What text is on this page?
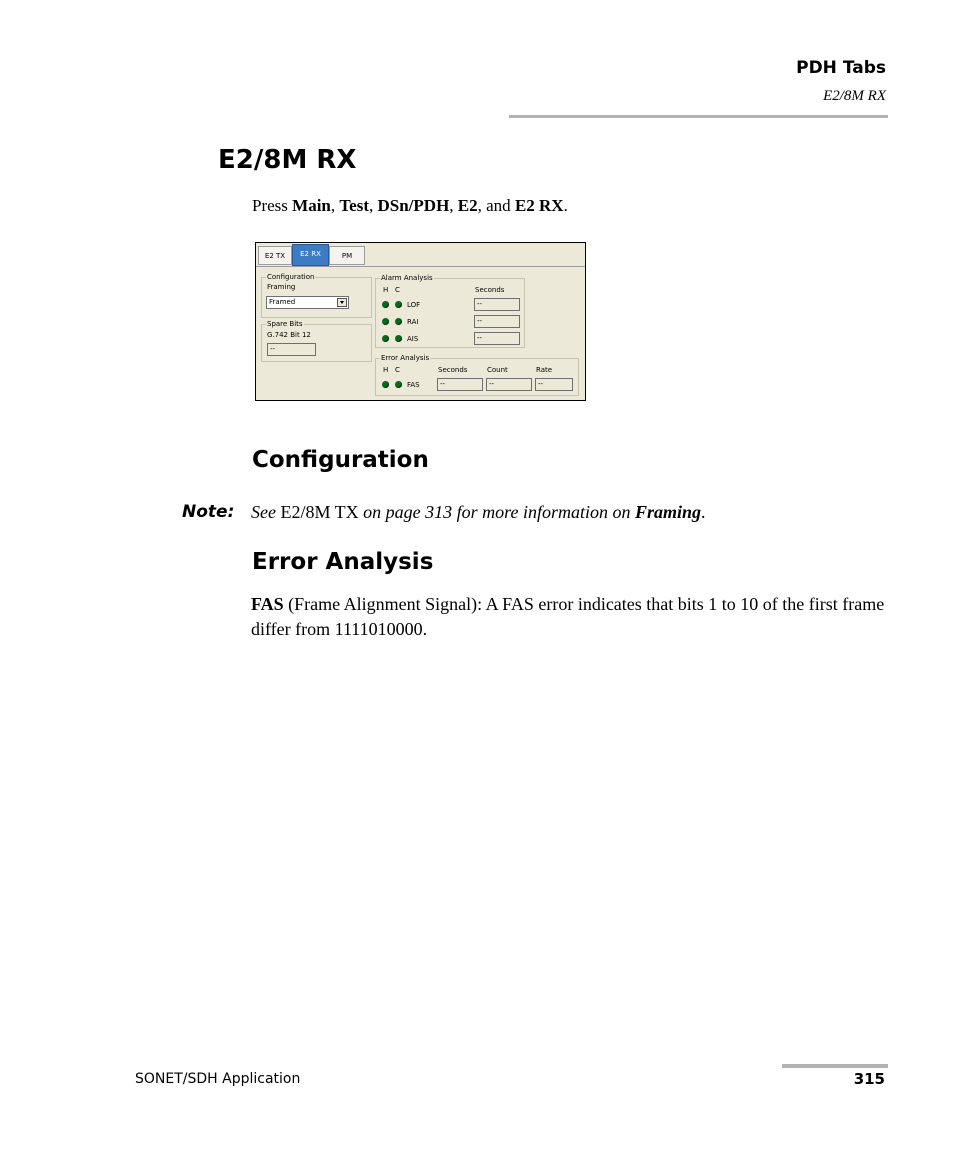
PDH Tabs
E2/8M RX
E2/8M RX
Press Main, Test, DSn/PDH, E2, and E2 RX.
E2 TX	E2 RX	PM
Configuration
Framing
Framed
Spare Bits
G.742 Bit 12
--
Alarm Analysis
H C	Seconds
LOF	--
RAI	--
AIS	--
Error Analysis
H C	Seconds	Count	Rate
FAS	--	--	--
Configuration
Note: See E2/8M TX on page 313 for more information on Framing.
Error Analysis
FAS (Frame Alignment Signal): A FAS error indicates that bits 1 to 10 of the first frame differ from 1111010000.
SONET/SDH Application	315
